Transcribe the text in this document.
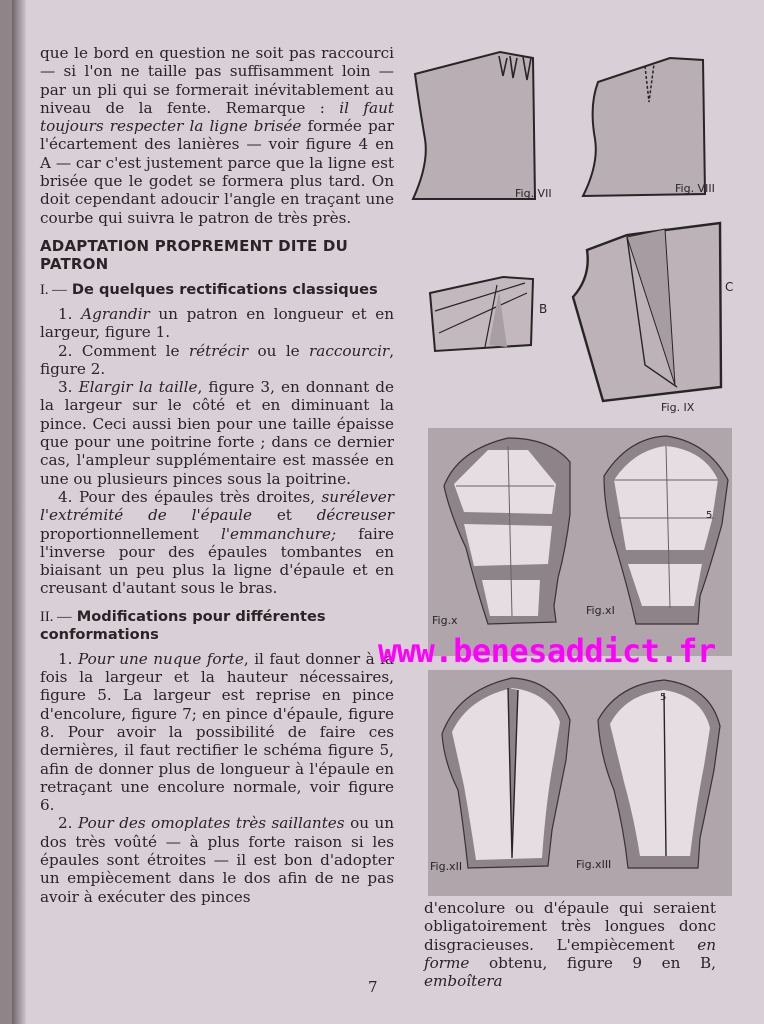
que le bord en question ne soit pas raccourci — si l'on ne taille pas suffisamment loin — par un pli qui se formerait inévitablement au niveau de la fente. Remarque : il faut toujours respecter la ligne brisée formée par l'écartement des lanières — voir figure 4 en A — car c'est justement parce que la ligne est brisée que le godet se formera plus tard. On doit cependant adoucir l'angle en traçant une courbe qui suivra le patron de très près.

ADAPTATION PROPREMENT DITE DU PATRON
I. — De quelques rectifications classiques

1. Agrandir un patron en longueur et en largeur, figure 1.

2. Comment le rétrécir ou le raccourcir, figure 2.

3. Elargir la taille, figure 3, en donnant de la largeur sur le côté et en diminuant la pince. Ceci aussi bien pour une taille épaisse que pour une poitrine forte ; dans ce dernier cas, l'ampleur supplémentaire est massée en une ou plusieurs pinces sous la poitrine.

4. Pour des épaules très droites, surélever l'extrémité de l'épaule et décreuser proportionnellement l'emmanchure; faire l'inverse pour des épaules tombantes en biaisant un peu plus la ligne d'épaule et en creusant d'autant sous le bras.

II. — Modifications pour différentes conformations

1. Pour une nuque forte, il faut donner à la fois la largeur et la hauteur nécessaires, figure 5. La largeur est reprise en pince d'encolure, figure 7; en pince d'épaule, figure 8. Pour avoir la possibilité de faire ces dernières, il faut rectifier le schéma figure 5, afin de donner plus de longueur à l'épaule en retraçant une encolure normale, voir figure 6.

2. Pour des omoplates très saillantes ou un dos très voûté — à plus forte raison si les épaules sont étroites — il est bon d'adopter un empiècement dans le dos afin de ne pas avoir à exécuter des pinces

Fig. VII	Fig. VIII
B
C
Fig. IX
Fig.x
5
Fig.xI
Fig.xII
5
Fig.xIII
d'encolure ou d'épaule qui seraient obligatoirement très longues donc disgracieuses. L'empiècement en forme obtenu, figure 9 en B, emboîtera
7
www.benesaddict.fr
